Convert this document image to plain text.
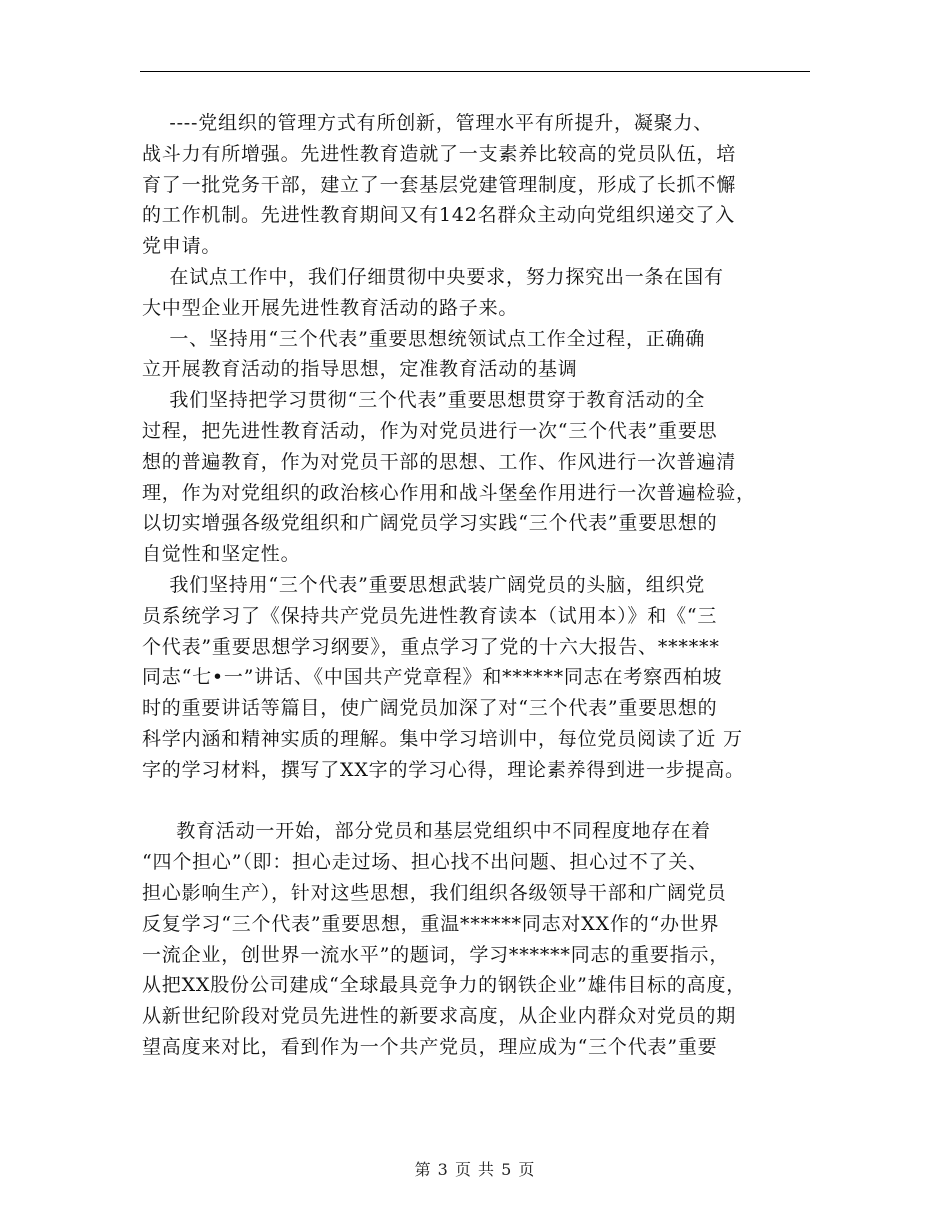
----党组织的管理方式有所创新，管理水平有所提升，凝聚力、
战斗力有所增强。先进性教育造就了一支素养比较高的党员队伍，培
育了一批党务干部，建立了一套基层党建管理制度，形成了长抓不懈
的工作机制。先进性教育期间又有142名群众主动向党组织递交了入
党申请。
在试点工作中，我们仔细贯彻中央要求，努力探究出一条在国有
大中型企业开展先进性教育活动的路子来。
一、坚持用“三个代表”重要思想统领试点工作全过程，正确确
立开展教育活动的指导思想，定准教育活动的基调
我们坚持把学习贯彻“三个代表”重要思想贯穿于教育活动的全
过程，把先进性教育活动，作为对党员进行一次“三个代表”重要思
想的普遍教育，作为对党员干部的思想、工作、作风进行一次普遍清
理，作为对党组织的政治核心作用和战斗堡垒作用进行一次普遍检验，
以切实增强各级党组织和广阔党员学习实践“三个代表”重要思想的
自觉性和坚定性。
我们坚持用“三个代表”重要思想武装广阔党员的头脑，组织党
员系统学习了《保持共产党员先进性教育读本（试用本）》和《“三
个代表”重要思想学习纲要》，重点学习了党的十六大报告、******
同志“七•一”讲话、《中国共产党章程》和******同志在考察西柏坡
时的重要讲话等篇目，使广阔党员加深了对“三个代表”重要思想的
科学内涵和精神实质的理解。集中学习培训中，每位党员阅读了近 万
字的学习材料，撰写了XX字的学习心得，理论素养得到进一步提高。
教育活动一开始，部分党员和基层党组织中不同程度地存在着
“四个担心”（即：担心走过场、担心找不出问题、担心过不了关、
担心影响生产），针对这些思想，我们组织各级领导干部和广阔党员
反复学习“三个代表”重要思想，重温******同志对XX作的“办世界
一流企业，创世界一流水平”的题词，学习******同志的重要指示，
从把XX股份公司建成“全球最具竞争力的钢铁企业”雄伟目标的高度，
从新世纪阶段对党员先进性的新要求高度，从企业内群众对党员的期
望高度来对比，看到作为一个共产党员，理应成为“三个代表”重要
第 3 页 共 5 页
